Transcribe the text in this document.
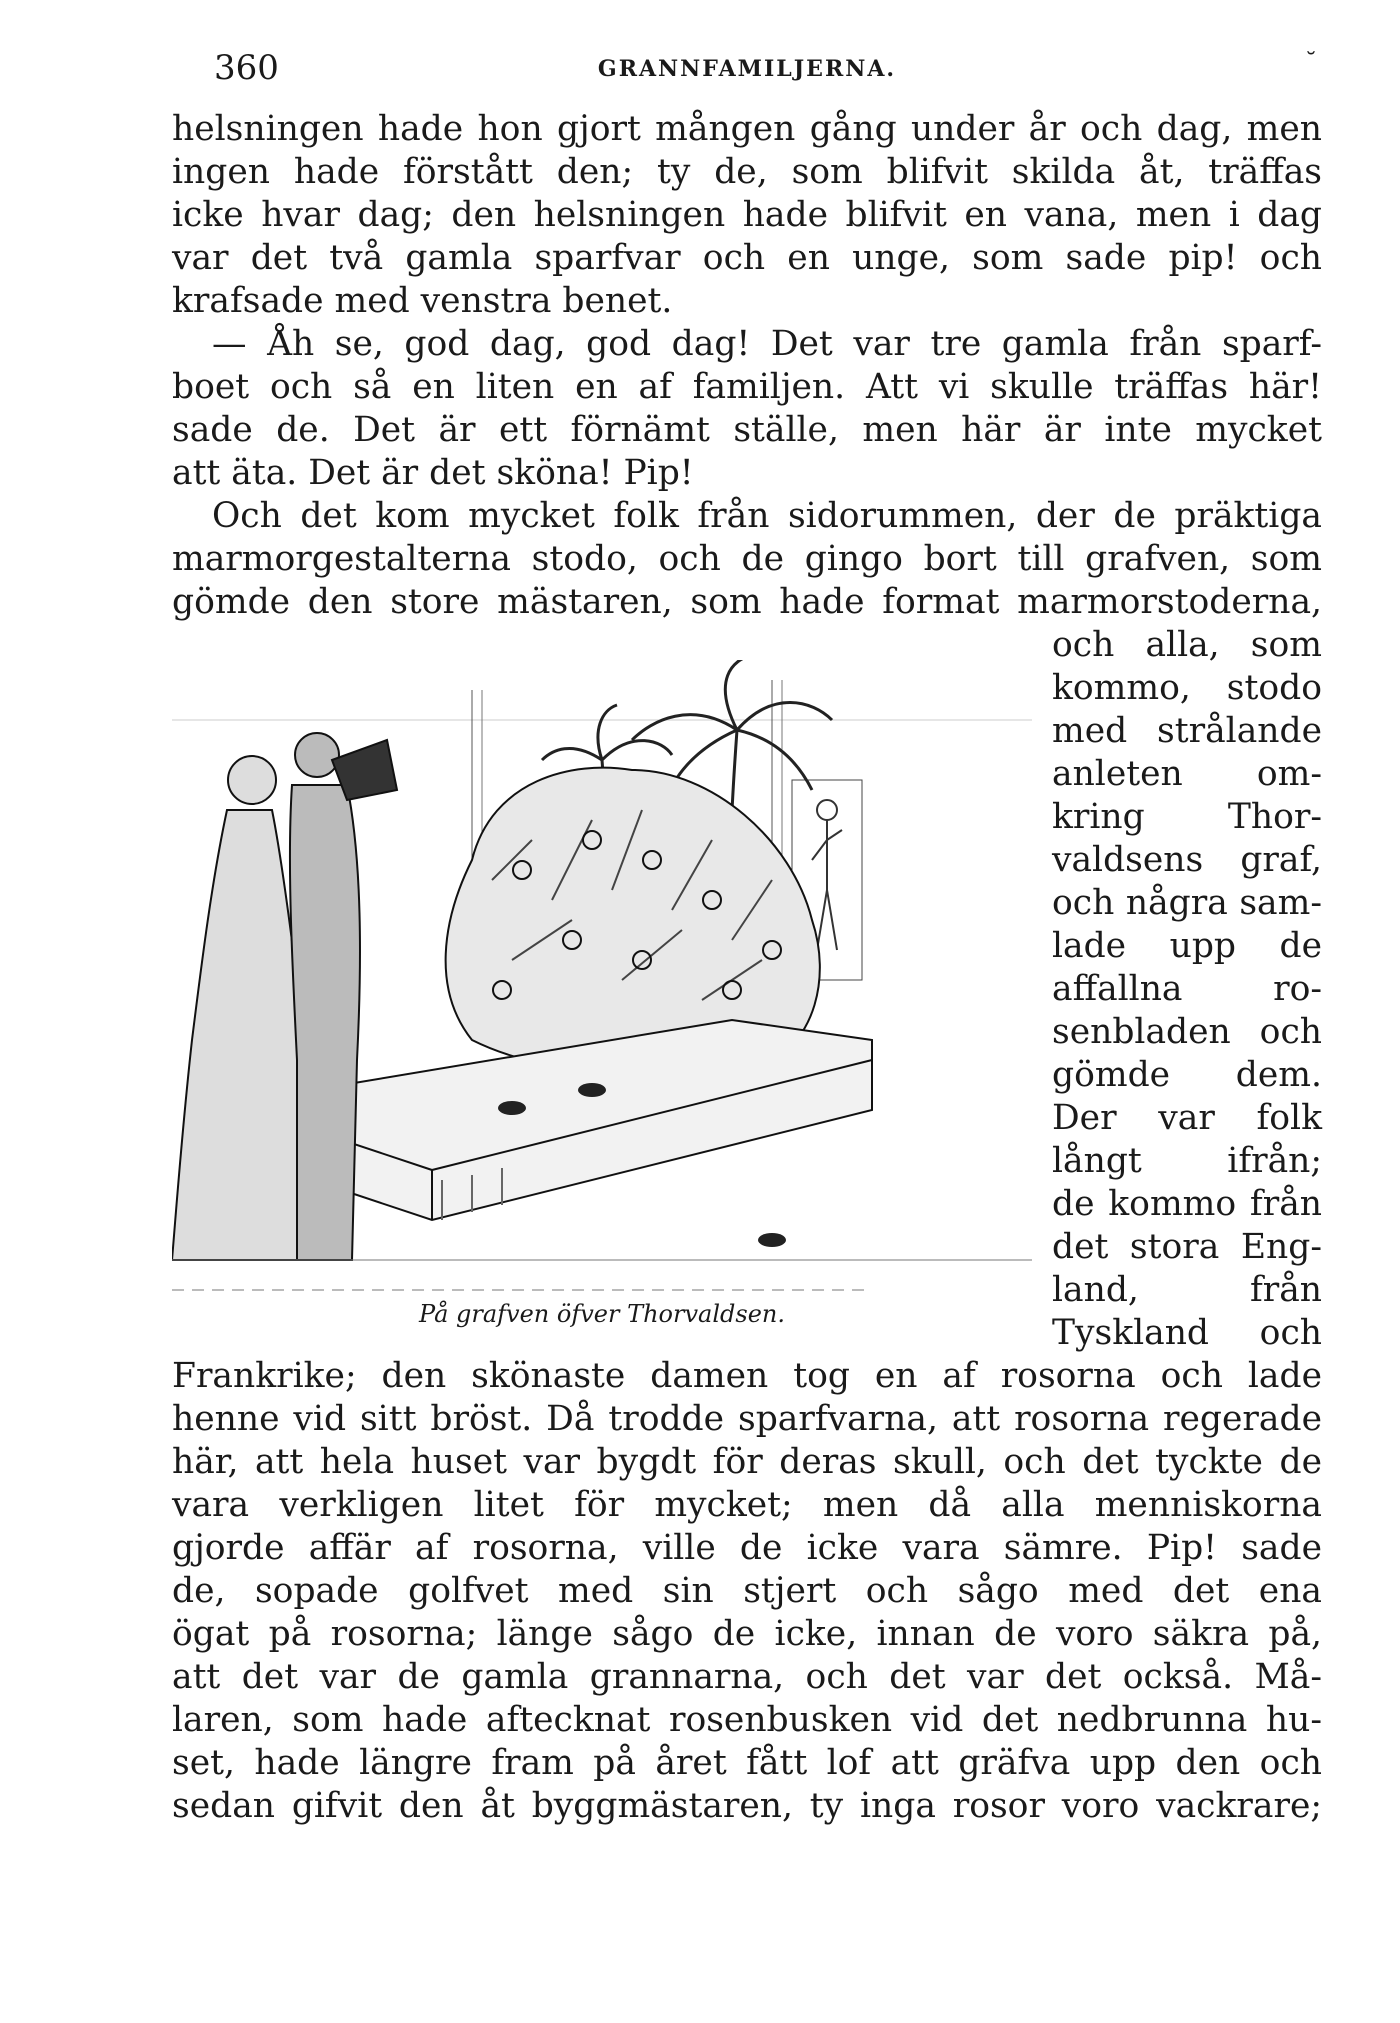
360	GRANNFAMILJERNA.	˘
helsningen hade hon gjort mången gång under år och dag, men
ingen hade förstått den; ty de, som blifvit skilda åt, träffas
icke hvar dag; den helsningen hade blifvit en vana, men i dag
var det två gamla sparfvar och en unge, som sade pip! och
krafsade med venstra benet.
— Åh se, god dag, god dag! Det var tre gamla från sparf-
boet och så en liten en af familjen. Att vi skulle träffas här!
sade de. Det är ett förnämt ställe, men här är inte mycket
att äta. Det är det sköna! Pip!
Och det kom mycket folk från sidorummen, der de präktiga
marmorgestalterna stodo, och de gingo bort till grafven, som
gömde den store mästaren, som hade format marmorstoderna,
och alla, som
kommo, stodo
med strålande
anleten om-
kring Thor-
valdsens graf,
och några sam-
lade upp de
affallna ro-
senbladen och
gömde dem.
Der var folk
långt ifrån;
de kommo från
det stora Eng-
land, från
Tyskland och
På grafven öfver Thorvaldsen.
Frankrike; den skönaste damen tog en af rosorna och lade
henne vid sitt bröst. Då trodde sparfvarna, att rosorna regerade
här, att hela huset var bygdt för deras skull, och det tyckte de
vara verkligen litet för mycket; men då alla menniskorna
gjorde affär af rosorna, ville de icke vara sämre. Pip! sade
de, sopade golfvet med sin stjert och sågo med det ena
ögat på rosorna; länge sågo de icke, innan de voro säkra på,
att det var de gamla grannarna, och det var det också. Må-
laren, som hade aftecknat rosenbusken vid det nedbrunna hu-
set, hade längre fram på året fått lof att gräfva upp den och
sedan gifvit den åt byggmästaren, ty inga rosor voro vackrare;
